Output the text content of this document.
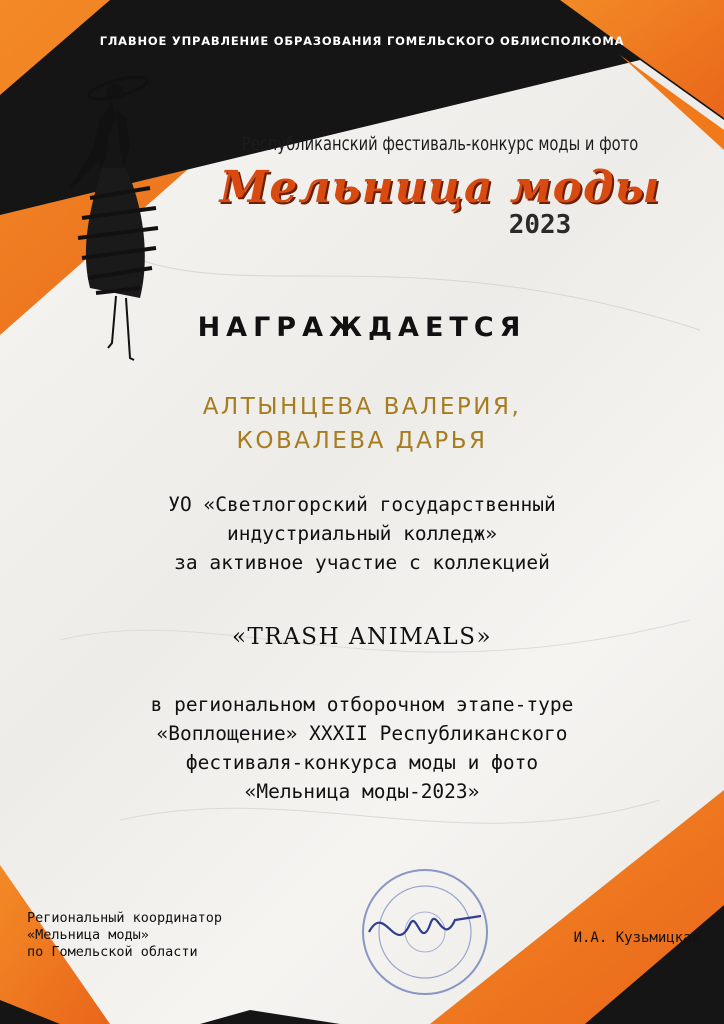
ГЛАВНОЕ УПРАВЛЕНИЕ ОБРАЗОВАНИЯ ГОМЕЛЬСКОГО ОБЛИСПОЛКОМА
Республиканский фестиваль-конкурс моды и фото
Мельница моды
2023
НАГРАЖДАЕТСЯ
АЛТЫНЦЕВА ВАЛЕРИЯ,
КОВАЛЕВА ДАРЬЯ
УО «Светлогорский государственный
индустриальный колледж»
за активное участие с коллекцией
«TRASH ANIMALS»
в региональном отборочном этапе-туре
«Воплощение» XXXII Республиканского
фестиваля-конкурса моды и фото
«Мельница моды-2023»
Региональный координатор
«Мельница моды»
по Гомельской области
И.А. Кузьмицкая
